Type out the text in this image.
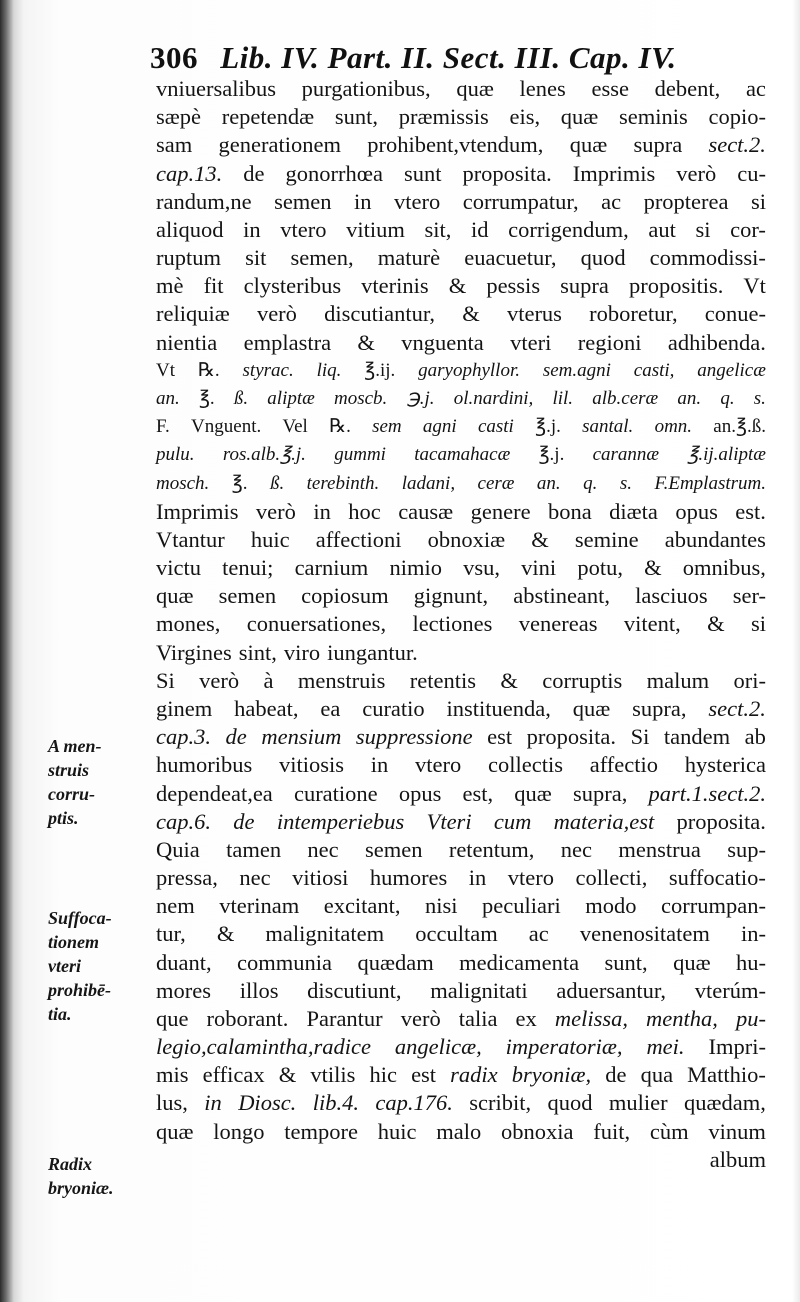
306 Lib. IV. Part. II. Sect. III. Cap. IV.
A men-
struis
corru-
ptis.
Suffoca-
tionem
vteri
prohibē-
tia.
Radix
bryoniæ.
vniuersalibus purgationibus, quæ lenes esse debent, ac
sæpè repetendæ sunt, præmissis eis, quæ seminis copio-
sam generationem prohibent,vtendum, quæ supra sect.2.
cap.13. de gonorrhœa sunt proposita. Imprimis verò cu-
randum,ne semen in vtero corrumpatur, ac propterea si
aliquod in vtero vitium sit, id corrigendum, aut si cor-
ruptum sit semen, maturè euacuetur, quod commodissi-
mè fit clysteribus vterinis & pessis supra propositis. Vt
reliquiæ verò discutiantur, & vterus roboretur, conue-
nientia emplastra & vnguenta vteri regioni adhibenda.
Vt ℞. styrac. liq. ℥.ij. garyophyllor. sem.agni casti, angelicæ
an. ℥. ß. aliptæ moscb. ℈.j. ol.nardini, lil. alb.ceræ an. q. s.
F. Vnguent. Vel ℞. sem agni casti ℥.j. santal. omn. an.℥.ß.
pulu. ros.alb.℥.j. gummi tacamahacæ ℥.j. carannæ ℥.ij.aliptæ
mosch. ℥. ß. terebinth. ladani, ceræ an. q. s. F.Emplastrum.
Imprimis verò in hoc causæ genere bona diæta opus est.
Vtantur huic affectioni obnoxiæ & semine abundantes
victu tenui; carnium nimio vsu, vini potu, & omnibus,
quæ semen copiosum gignunt, abstineant, lasciuos ser-
mones, conuersationes, lectiones venereas vitent, & si
Virgines sint, viro iungantur.
Si verò à menstruis retentis & corruptis malum ori-
ginem habeat, ea curatio instituenda, quæ supra, sect.2.
cap.3. de mensium suppressione est proposita. Si tandem ab
humoribus vitiosis in vtero collectis affectio hysterica
dependeat,ea curatione opus est, quæ supra, part.1.sect.2.
cap.6. de intemperiebus Vteri cum materia,est proposita.
Quia tamen nec semen retentum, nec menstrua sup-
pressa, nec vitiosi humores in vtero collecti, suffocatio-
nem vterinam excitant, nisi peculiari modo corrumpan-
tur, & malignitatem occultam ac venenositatem in-
duant, communia quædam medicamenta sunt, quæ hu-
mores illos discutiunt, malignitati aduersantur, vterúm-
que roborant. Parantur verò talia ex melissa, mentha, pu-
legio,calamintha,radice angelicæ, imperatoriæ, mei. Impri-
mis efficax & vtilis hic est radix bryoniæ, de qua Matthio-
lus, in Diosc. lib.4. cap.176. scribit, quod mulier quædam,
quæ longo tempore huic malo obnoxia fuit, cùm vinum
album
